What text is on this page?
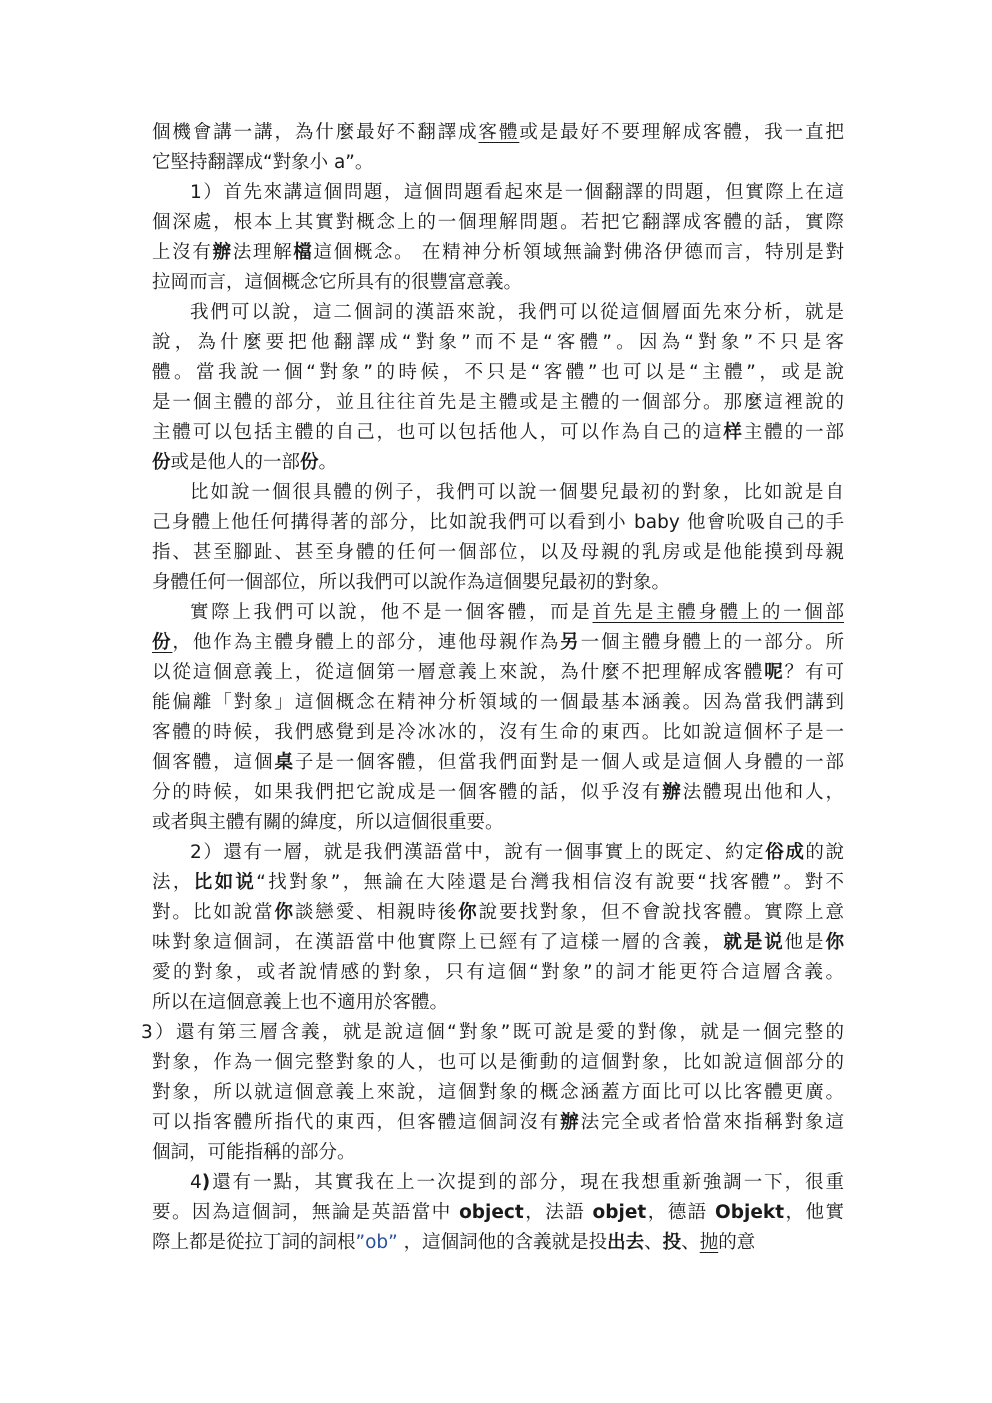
個機會講一講，為什麼最好不翻譯成客體或是最好不要理解成客體，我一直把
它堅持翻譯成“對象小 a”。
1）首先來講這個問題，這個問題看起來是一個翻譯的問題，但實際上在這
個深處，根本上其實對概念上的一個理解問題。若把它翻譯成客體的話，實際
上沒有辦法理解檔這個概念。 在精神分析領域無論對佛洛伊德而言，特別是對
拉岡而言，這個概念它所具有的很豐富意義。
我們可以說，這二個詞的漢語來說，我們可以從這個層面先來分析，就是
說，為什麼要把他翻譯成“對象”而不是“客體”。因為“對象”不只是客
體。當我說一個“對象”的時候，不只是“客體”也可以是“主體”，或是說
是一個主體的部分，並且往往首先是主體或是主體的一個部分。那麼這裡說的
主體可以包括主體的自己，也可以包括他人，可以作為自己的這样主體的一部
份或是他人的一部份。
比如說一個很具體的例子，我們可以說一個嬰兒最初的對象，比如說是自
己身體上他任何搆得著的部分，比如說我們可以看到小 baby 他會吮吸自己的手
指、甚至腳趾、甚至身體的任何一個部位，以及母親的乳房或是他能摸到母親
身體任何一個部位，所以我們可以說作為這個嬰兒最初的對象。
實際上我們可以說，他不是一個客體，而是首先是主體身體上的一個部
份，他作為主體身體上的部分，連他母親作為另一個主體身體上的一部分。所
以從這個意義上，從這個第一層意義上來說，為什麼不把理解成客體呢？有可
能偏離「對象」這個概念在精神分析領域的一個最基本涵義。因為當我們講到
客體的時候，我們感覺到是冷冰冰的，沒有生命的東西。比如說這個杯子是一
個客體，這個桌子是一個客體，但當我們面對是一個人或是這個人身體的一部
分的時候，如果我們把它說成是一個客體的話，似乎沒有辦法體現出他和人，
或者與主體有關的緯度，所以這個很重要。
2）還有一層，就是我們漢語當中，說有一個事實上的既定、約定俗成的說
法，比如说“找對象”，無論在大陸還是台灣我相信沒有說要“找客體”。對不
對。比如說當你談戀愛、相親時後你說要找對象，但不會說找客體。實際上意
味對象這個詞，在漢語當中他實際上已經有了這樣一層的含義，就是说他是你
愛的對象，或者說情感的對象，只有這個“對象”的詞才能更符合這層含義。
所以在這個意義上也不適用於客體。
3）還有第三層含義，就是說這個“對象”既可說是愛的對像，就是一個完整的
對象，作為一個完整對象的人，也可以是衝動的這個對象，比如說這個部分的
對象，所以就這個意義上來說，這個對象的概念涵蓋方面比可以比客體更廣。
可以指客體所指代的東西，但客體這個詞沒有辦法完全或者恰當來指稱對象這
個詞，可能指稱的部分。
4)還有一點，其實我在上一次提到的部分，現在我想重新強調一下，很重
要。因為這個詞，無論是英語當中 object，法語 objet，德語 Objekt，他實
際上都是從拉丁詞的詞根”ob” ，這個詞他的含義就是投出去、投、抛的意
